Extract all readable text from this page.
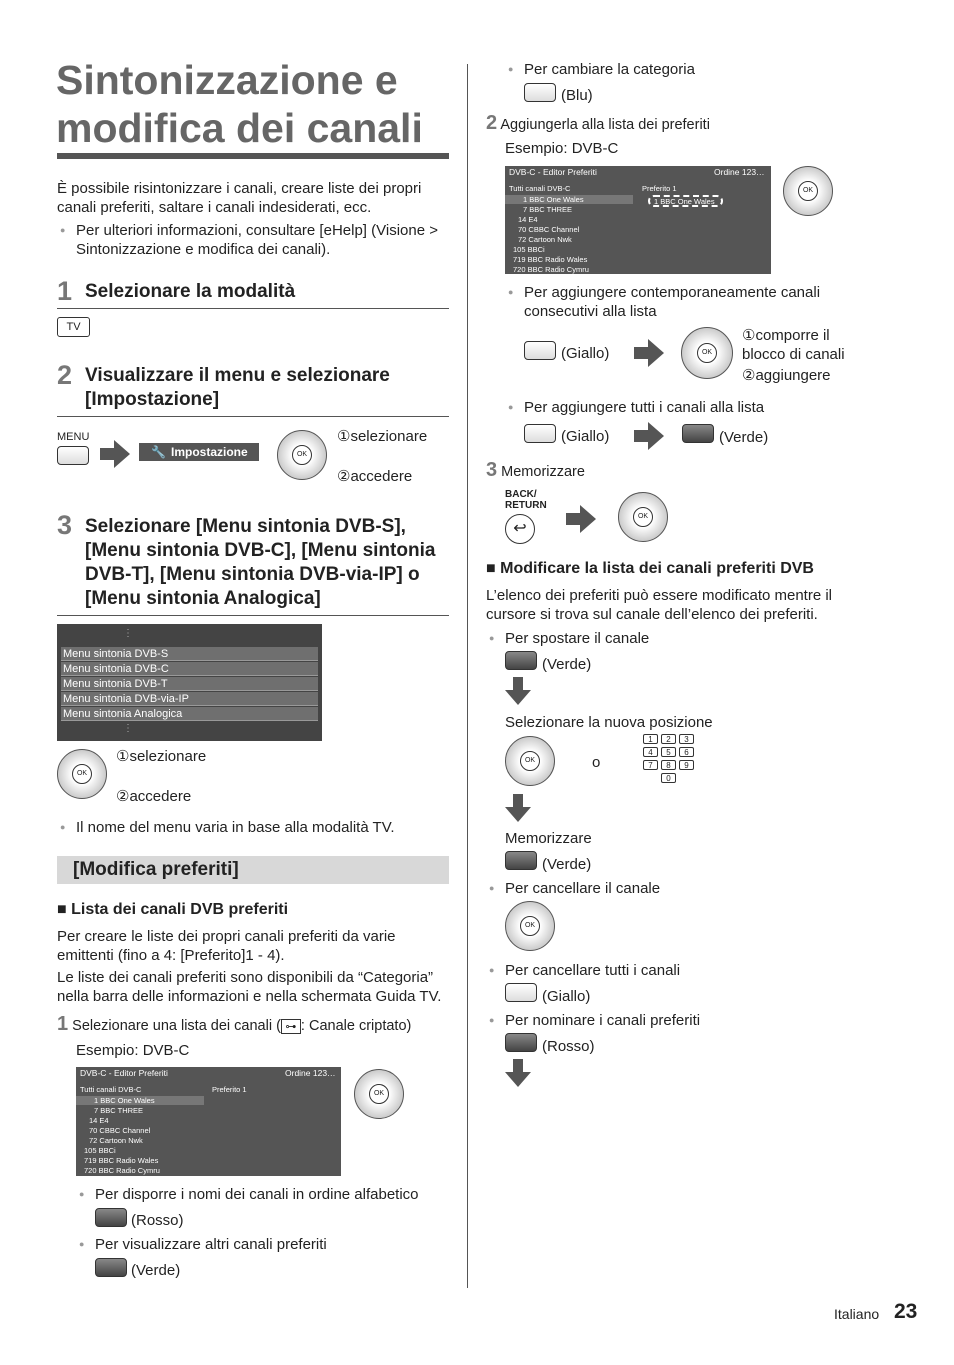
Sintonizzazione e
modifica dei canali
È possibile risintonizzare i canali, creare liste dei propri canali preferiti, saltare i canali indesiderati, ecc.
● Per ulteriori informazioni, consultare [eHelp] (Visione > Sintonizzazione e modifica dei canali).
1 Selezionare la modalità
TV
2 Visualizzare il menu e selezionare [Impostazione]
MENU
🔧 Impostazione	OK
①selezionare
②accedere
3 Selezionare [Menu sintonia DVB-S], [Menu sintonia DVB-C], [Menu sintonia DVB-T], [Menu sintonia DVB-via-IP] o [Menu sintonia Analogica]
⋮
Menu sintonia DVB-S
Menu sintonia DVB-C
Menu sintonia DVB-T
Menu sintonia DVB-via-IP
Menu sintonia Analogica
⋮
OK
①selezionare
②accedere
● Il nome del menu varia in base alla modalità TV.
[Modifica preferiti]
■ Lista dei canali DVB preferiti
Per creare le liste dei propri canali preferiti da varie emittenti (fino a 4: [Preferito]1 - 4).
Le liste dei canali preferiti sono disponibili da “Categoria” nella barra delle informazioni e nella schermata Guida TV.
1 Selezionare una lista dei canali ( ⊶ : Canale criptato)
Esempio: DVB-C
DVB-C - Editor Preferiti	Ordine 123…
Tutti canali DVB-C	Preferito 1
1 BBC One Wales
7 BBC THREE
14 E4
70 CBBC Channel
72 Cartoon Nwk
105 BBCi
719 BBC Radio Wales
720 BBC Radio Cymru
OK
● Per disporre i nomi dei canali in ordine alfabetico
(Rosso)
● Per visualizzare altri canali preferiti
(Verde)
● Per cambiare la categoria
(Blu)
2 Aggiungerla alla lista dei preferiti
Esempio: DVB-C
DVB-C - Editor Preferiti	Ordine 123…
Tutti canali DVB-C	Preferito 1
1 BBC One Wales
7 BBC THREE
14 E4
70 CBBC Channel
72 Cartoon Nwk
105 BBCi
719 BBC Radio Wales
720 BBC Radio Cymru
1 BBC One Wales
OK
● Per aggiungere contemporaneamente canali consecutivi alla lista
(Giallo)	OK
①comporre il blocco di canali
②aggiungere
● Per aggiungere tutti i canali alla lista
(Giallo)	(Verde)
3 Memorizzare
BACK/ RETURN
↩
OK
■ Modificare la lista dei canali preferiti DVB
L’elenco dei preferiti può essere modificato mentre il cursore si trova sul canale dell’elenco dei preferiti.
● Per spostare il canale
(Verde)
Selezionare la nuova posizione
OK	o
1	2	3
4	5	6
7	8	9
0
Memorizzare
(Verde)
● Per cancellare il canale
OK
● Per cancellare tutti i canali
(Giallo)
● Per nominare i canali preferiti
(Rosso)
Italiano 23
